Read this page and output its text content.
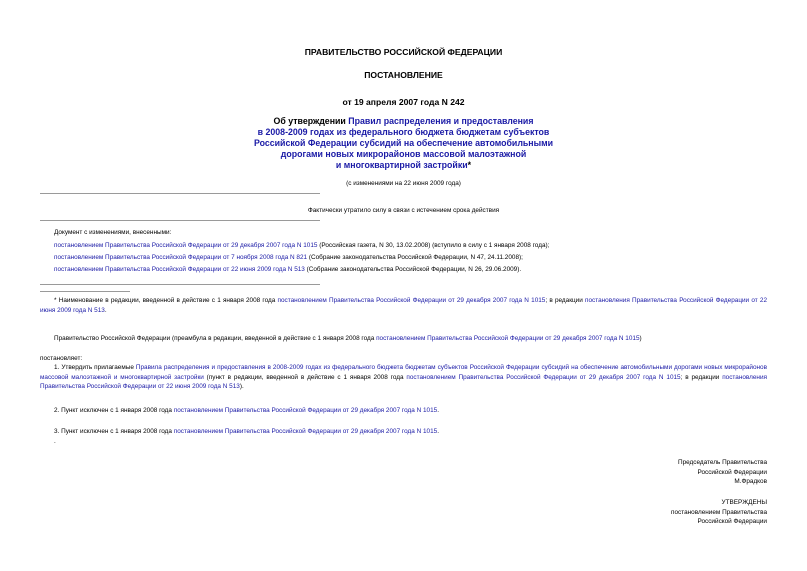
ПРАВИТЕЛЬСТВО РОССИЙСКОЙ ФЕДЕРАЦИИ
ПОСТАНОВЛЕНИЕ
от 19 апреля 2007 года N 242
Об утверждении Правил распределения и предоставления
в 2008-2009 годах из федерального бюджета бюджетам субъектов
Российской Федерации субсидий на обеспечение автомобильными
дорогами новых микрорайонов массовой малоэтажной
и многоквартирной застройки*
(с изменениями на 22 июня 2009 года)
Фактически утратило силу в связи с истечением срока действия
Документ с изменениями, внесенными:
постановлением Правительства Российской Федерации от 29 декабря 2007 года N 1015 (Российская газета, N 30, 13.02.2008) (вступило в силу с 1 января 2008 года);
постановлением Правительства Российской Федерации от 7 ноября 2008 года N 821 (Собрание законодательства Российской Федерации, N 47, 24.11.2008);
постановлением Правительства Российской Федерации от 22 июня 2009 года N 513 (Собрание законодательства Российской Федерации, N 26, 29.06.2009).
* Наименование в редакции, введенной в действие с 1 января 2008 года постановлением Правительства Российской Федерации от 29 декабря 2007 года N 1015; в редакции постановления Правительства Российской Федерации от 22 июня 2009 года N 513.
Правительство Российской Федерации (преамбула в редакции, введенной в действие с 1 января 2008 года постановлением Правительства Российской Федерации от 29 декабря 2007 года N 1015)
постановляет:
1. Утвердить прилагаемые Правила распределения и предоставления в 2008-2009 годах из федерального бюджета бюджетам субъектов Российской Федерации субсидий на обеспечение автомобильными дорогами новых микрорайонов массовой малоэтажной и многоквартирной застройки (пункт в редакции, введенной в действие с 1 января 2008 года постановлением Правительства Российской Федерации от 29 декабря 2007 года N 1015; в редакции постановления Правительства Российской Федерации от 22 июня 2009 года N 513).
2. Пункт исключен с 1 января 2008 года постановлением Правительства Российской Федерации от 29 декабря 2007 года N 1015.
3. Пункт исключен с 1 января 2008 года постановлением Правительства Российской Федерации от 29 декабря 2007 года N 1015.
.
Председатель Правительства
Российской Федерации
М.Фрадков
УТВЕРЖДЕНЫ
постановлением Правительства
Российской Федерации
